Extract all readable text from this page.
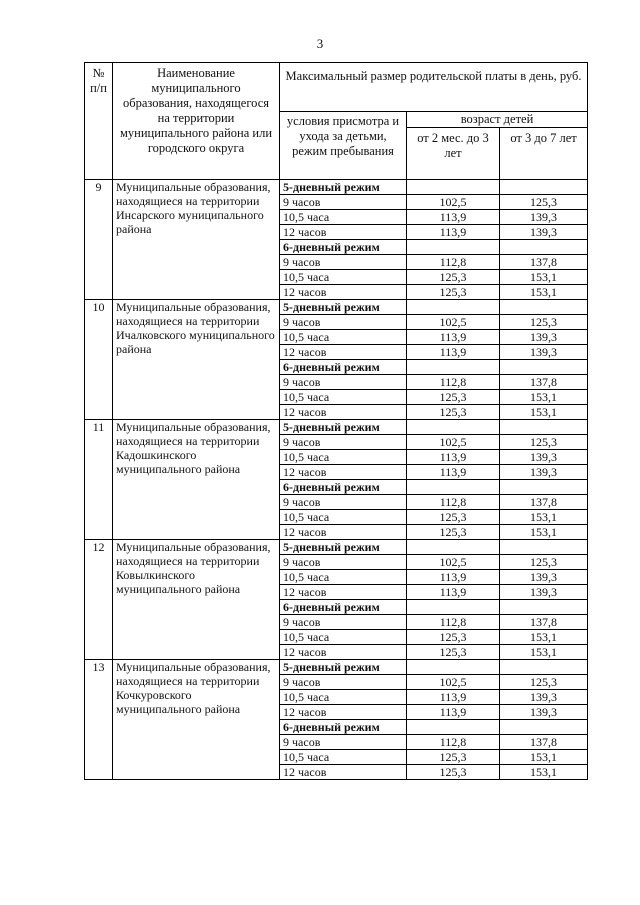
3
№ п/п	Наименование муниципального образования, находящегося на территории муниципального района или городского округа	Максимальный размер родительской платы в день, руб.		
		условия присмотра и ухода за детьми, режим пребывания	возраст детей	
			от 2 мес. до 3 лет	от 3 до 7 лет
9	Муниципальные образования, находящиеся на территории Инсарского муниципального района	5-дневный режим		
		9 часов	102,5	125,3
		10,5 часа	113,9	139,3
		12 часов	113,9	139,3
		6-дневный режим		
		9 часов	112,8	137,8
		10,5 часа	125,3	153,1
		12 часов	125,3	153,1
10	Муниципальные образования, находящиеся на территории Ичалковского муниципального района	5-дневный режим		
		9 часов	102,5	125,3
		10,5 часа	113,9	139,3
		12 часов	113,9	139,3
		6-дневный режим		
		9 часов	112,8	137,8
		10,5 часа	125,3	153,1
		12 часов	125,3	153,1
11	Муниципальные образования, находящиеся на территории Кадошкинского муниципального района	5-дневный режим		
		9 часов	102,5	125,3
		10,5 часа	113,9	139,3
		12 часов	113,9	139,3
		6-дневный режим		
		9 часов	112,8	137,8
		10,5 часа	125,3	153,1
		12 часов	125,3	153,1
12	Муниципальные образования, находящиеся на территории Ковылкинского муниципального района	5-дневный режим		
		9 часов	102,5	125,3
		10,5 часа	113,9	139,3
		12 часов	113,9	139,3
		6-дневный режим		
		9 часов	112,8	137,8
		10,5 часа	125,3	153,1
		12 часов	125,3	153,1
13	Муниципальные образования, находящиеся на территории Кочкуровского муниципального района	5-дневный режим		
		9 часов	102,5	125,3
		10,5 часа	113,9	139,3
		12 часов	113,9	139,3
		6-дневный режим		
		9 часов	112,8	137,8
		10,5 часа	125,3	153,1
		12 часов	125,3	153,1
